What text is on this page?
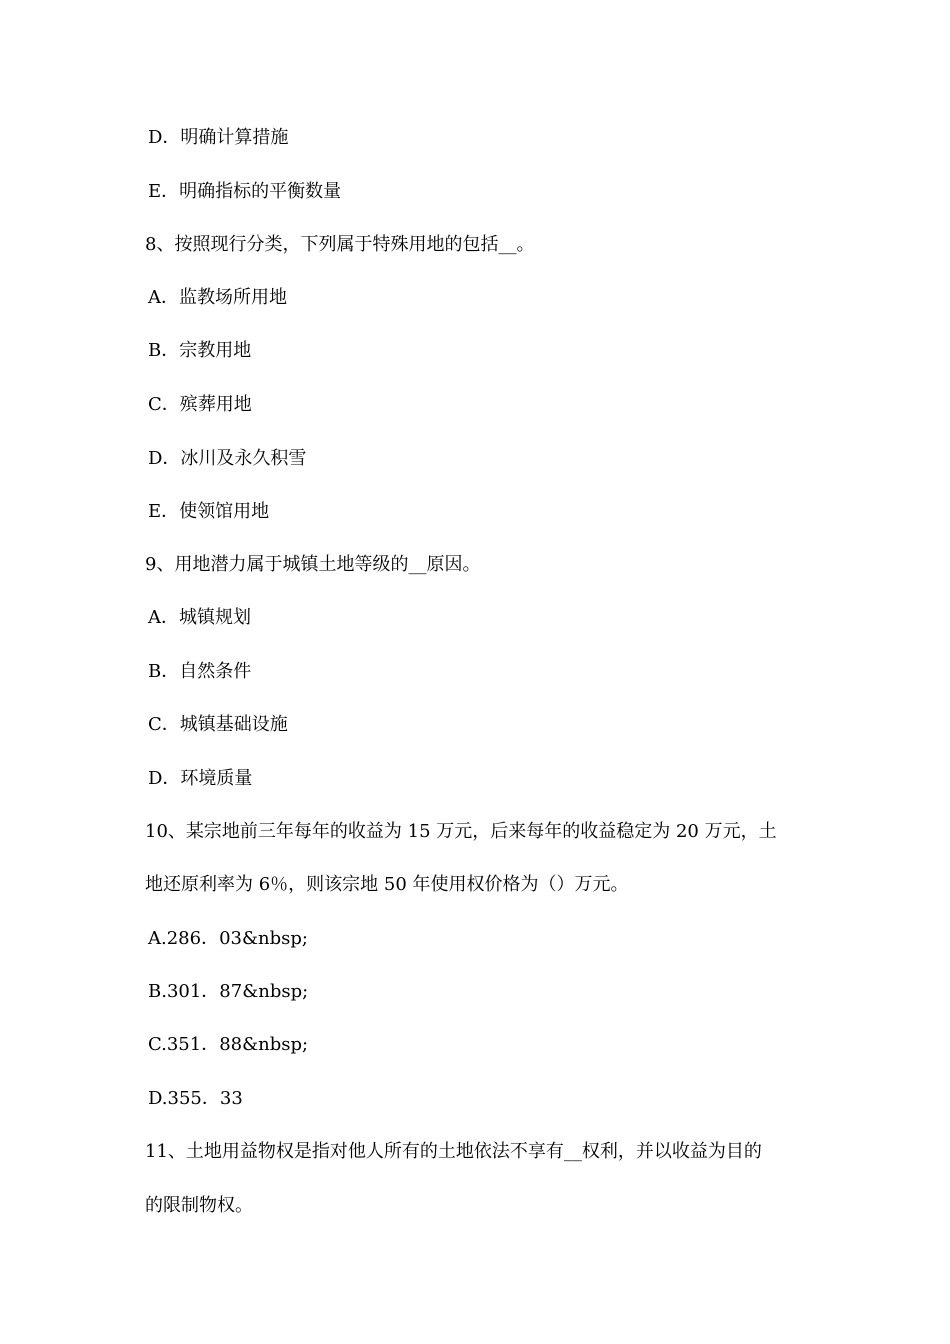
D．明确计算措施
E．明确指标的平衡数量
8、按照现行分类，下列属于特殊用地的包括__。
A．监教场所用地
B．宗教用地
C．殡葬用地
D．冰川及永久积雪
E．使领馆用地
9、用地潜力属于城镇土地等级的__原因。
A．城镇规划
B．自然条件
C．城镇基础设施
D．环境质量
10、某宗地前三年每年的收益为 15 万元，后来每年的收益稳定为 20 万元，土
地还原利率为 6％，则该宗地 50 年使用权价格为（）万元。
A.286．03&nbsp;
B.301．87&nbsp;
C.351．88&nbsp;
D.355．33
11、土地用益物权是指对他人所有的土地依法不享有__权利，并以收益为目的
的限制物权。
